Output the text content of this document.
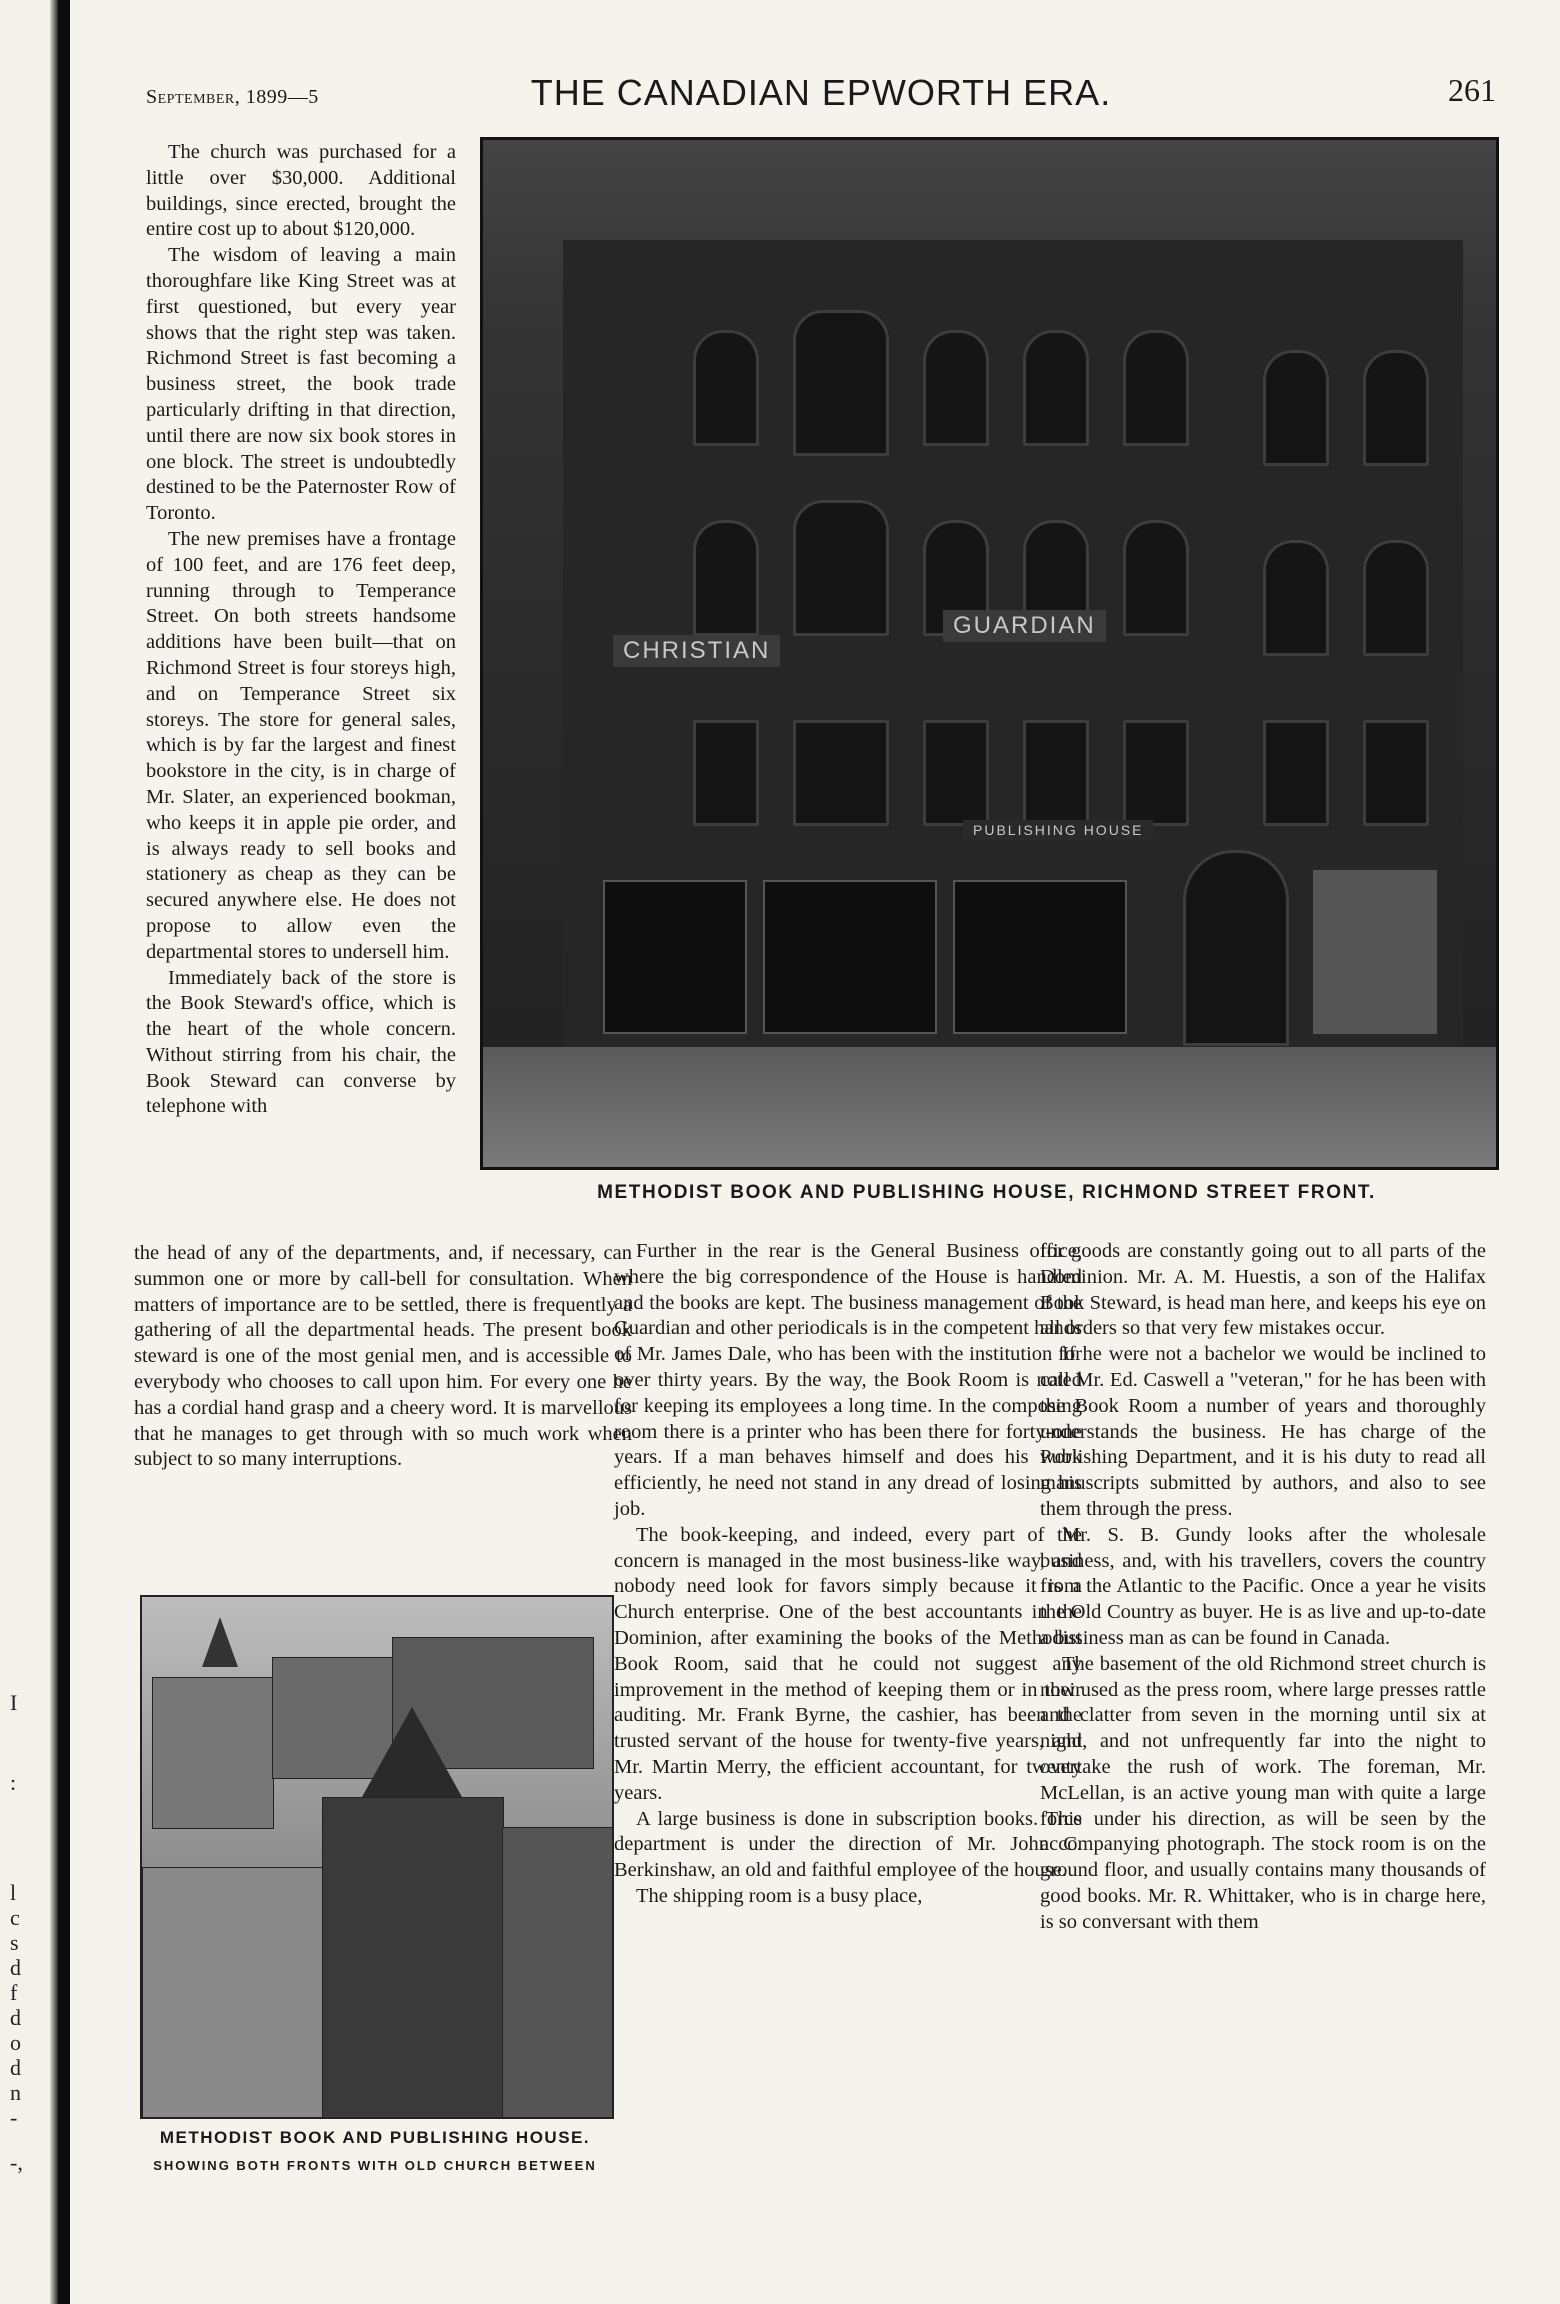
I
:
l
c
s
d
f
d
o
d
n
-
-,
September, 1899—5	THE CANADIAN EPWORTH ERA.	261

The church was purchased for a little over $30,000. Additional buildings, since erected, brought the entire cost up to about $120,000.

The wisdom of leaving a main thoroughfare like King Street was at first questioned, but every year shows that the right step was taken. Richmond Street is fast becoming a business street, the book trade particularly drifting in that direction, until there are now six book stores in one block. The street is undoubtedly destined to be the Paternoster Row of Toronto.

The new premises have a frontage of 100 feet, and are 176 feet deep, running through to Temperance Street. On both streets handsome additions have been built—that on Richmond Street is four storeys high, and on Temperance Street six storeys. The store for general sales, which is by far the largest and finest bookstore in the city, is in charge of Mr. Slater, an experienced bookman, who keeps it in apple pie order, and is always ready to sell books and stationery as cheap as they can be secured anywhere else. He does not propose to allow even the departmental stores to undersell him.

Immediately back of the store is the Book Steward's office, which is the heart of the whole concern. Without stirring from his chair, the Book Steward can converse by telephone with

the head of any of the departments, and, if necessary, can summon one or more by call-bell for consultation. When matters of importance are to be settled, there is frequently a gathering of all the departmental heads. The present book steward is one of the most genial men, and is accessible to everybody who chooses to call upon him. For every one he has a cordial hand grasp and a cheery word. It is marvellous that he manages to get through with so much work when subject to so many interruptions.

CHRISTIAN
GUARDIAN
PUBLISHING HOUSE
METHODIST BOOK AND PUBLISHING HOUSE, RICHMOND STREET FRONT.

Further in the rear is the General Business office, where the big correspondence of the House is handled and the books are kept. The business management of the Guardian and other periodicals is in the competent hands of Mr. James Dale, who has been with the institution for over thirty years. By the way, the Book Room is noted for keeping its employees a long time. In the composing room there is a printer who has been there for forty-one years. If a man behaves himself and does his work efficiently, he need not stand in any dread of losing his job.

The book-keeping, and indeed, every part of the concern is managed in the most business-like way, and nobody need look for favors simply because it is a Church enterprise. One of the best accountants in the Dominion, after examining the books of the Methodist Book Room, said that he could not suggest any improvement in the method of keeping them or in their auditing. Mr. Frank Byrne, the cashier, has been the trusted servant of the house for twenty-five years, and Mr. Martin Merry, the efficient accountant, for twenty years.

A large business is done in subscription books. This department is under the direction of Mr. John C. Berkinshaw, an old and faithful employee of the house.

The shipping room is a busy place,

for goods are constantly going out to all parts of the Dominion. Mr. A. M. Huestis, a son of the Halifax Book Steward, is head man here, and keeps his eye on all orders so that very few mistakes occur.

If he were not a bachelor we would be inclined to call Mr. Ed. Caswell a "veteran," for he has been with the Book Room a number of years and thoroughly understands the business. He has charge of the Publishing Department, and it is his duty to read all manuscripts submitted by authors, and also to see them through the press.

Mr. S. B. Gundy looks after the wholesale business, and, with his travellers, covers the country from the Atlantic to the Pacific. Once a year he visits the Old Country as buyer. He is as live and up-to-date a business man as can be found in Canada.

The basement of the old Richmond street church is now used as the press room, where large presses rattle and clatter from seven in the morning until six at night, and not unfrequently far into the night to overtake the rush of work. The foreman, Mr. McLellan, is an active young man with quite a large force under his direction, as will be seen by the accompanying photograph. The stock room is on the ground floor, and usually contains many thousands of good books. Mr. R. Whittaker, who is in charge here, is so conversant with them

METHODIST BOOK AND PUBLISHING HOUSE.
SHOWING BOTH FRONTS WITH OLD CHURCH BETWEEN
